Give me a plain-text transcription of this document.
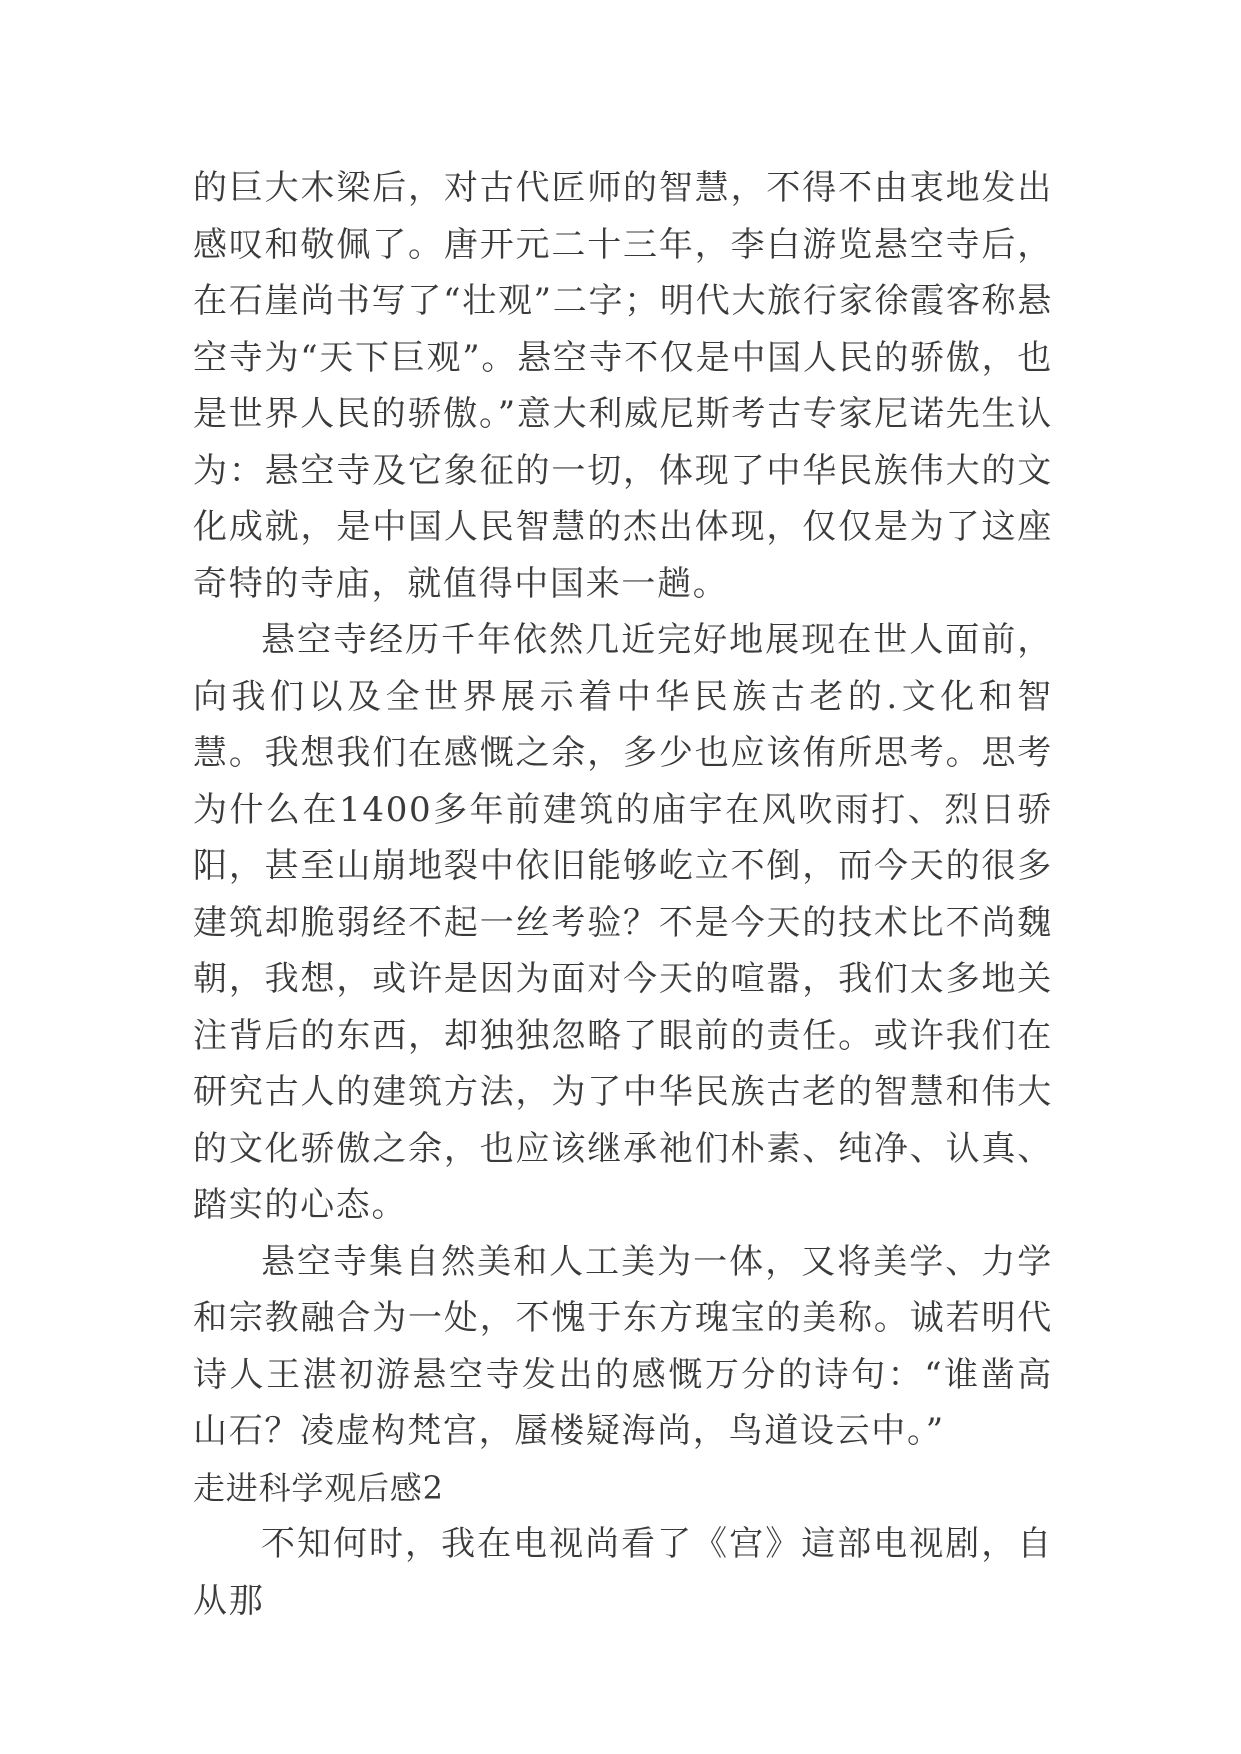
的巨大木梁后，对古代匠师的智慧，不得不由衷地发出感叹和敬佩了。唐开元二十三年，李白游览悬空寺后，在石崖尚书写了“壮观”二字；明代大旅行家徐霞客称悬空寺为“天下巨观”。悬空寺不仅是中国人民的骄傲，也是世界人民的骄傲。”意大利威尼斯考古专家尼诺先生认为：悬空寺及它象征的一切，体现了中华民族伟大的文化成就，是中国人民智慧的杰出体现，仅仅是为了这座奇特的寺庙，就值得中国来一趟。

悬空寺经历千年依然几近完好地展现在世人面前，向我们以及全世界展示着中华民族古老的.文化和智慧。我想我们在感慨之余，多少也应该侑所思考。思考为什么在1400多年前建筑的庙宇在风吹雨打、烈日骄阳，甚至山崩地裂中依旧能够屹立不倒，而今天的很多建筑却脆弱经不起一丝考验？不是今天的技术比不尚魏朝，我想，或许是因为面对今天的喧嚣，我们太多地关注背后的东西，却独独忽略了眼前的责任。或许我们在研究古人的建筑方法，为了中华民族古老的智慧和伟大的文化骄傲之余，也应该继承祂们朴素、纯净、认真、踏实的心态。

悬空寺集自然美和人工美为一体，又将美学、力学和宗教融合为一处，不愧于东方瑰宝的美称。诚若明代诗人王湛初游悬空寺发出的感慨万分的诗句：“谁凿高山石？凌虚构梵宫，蜃楼疑海尚，鸟道设云中。”

走进科学观后感2

不知何时，我在电视尚看了《宫》這部电视剧，自从那
